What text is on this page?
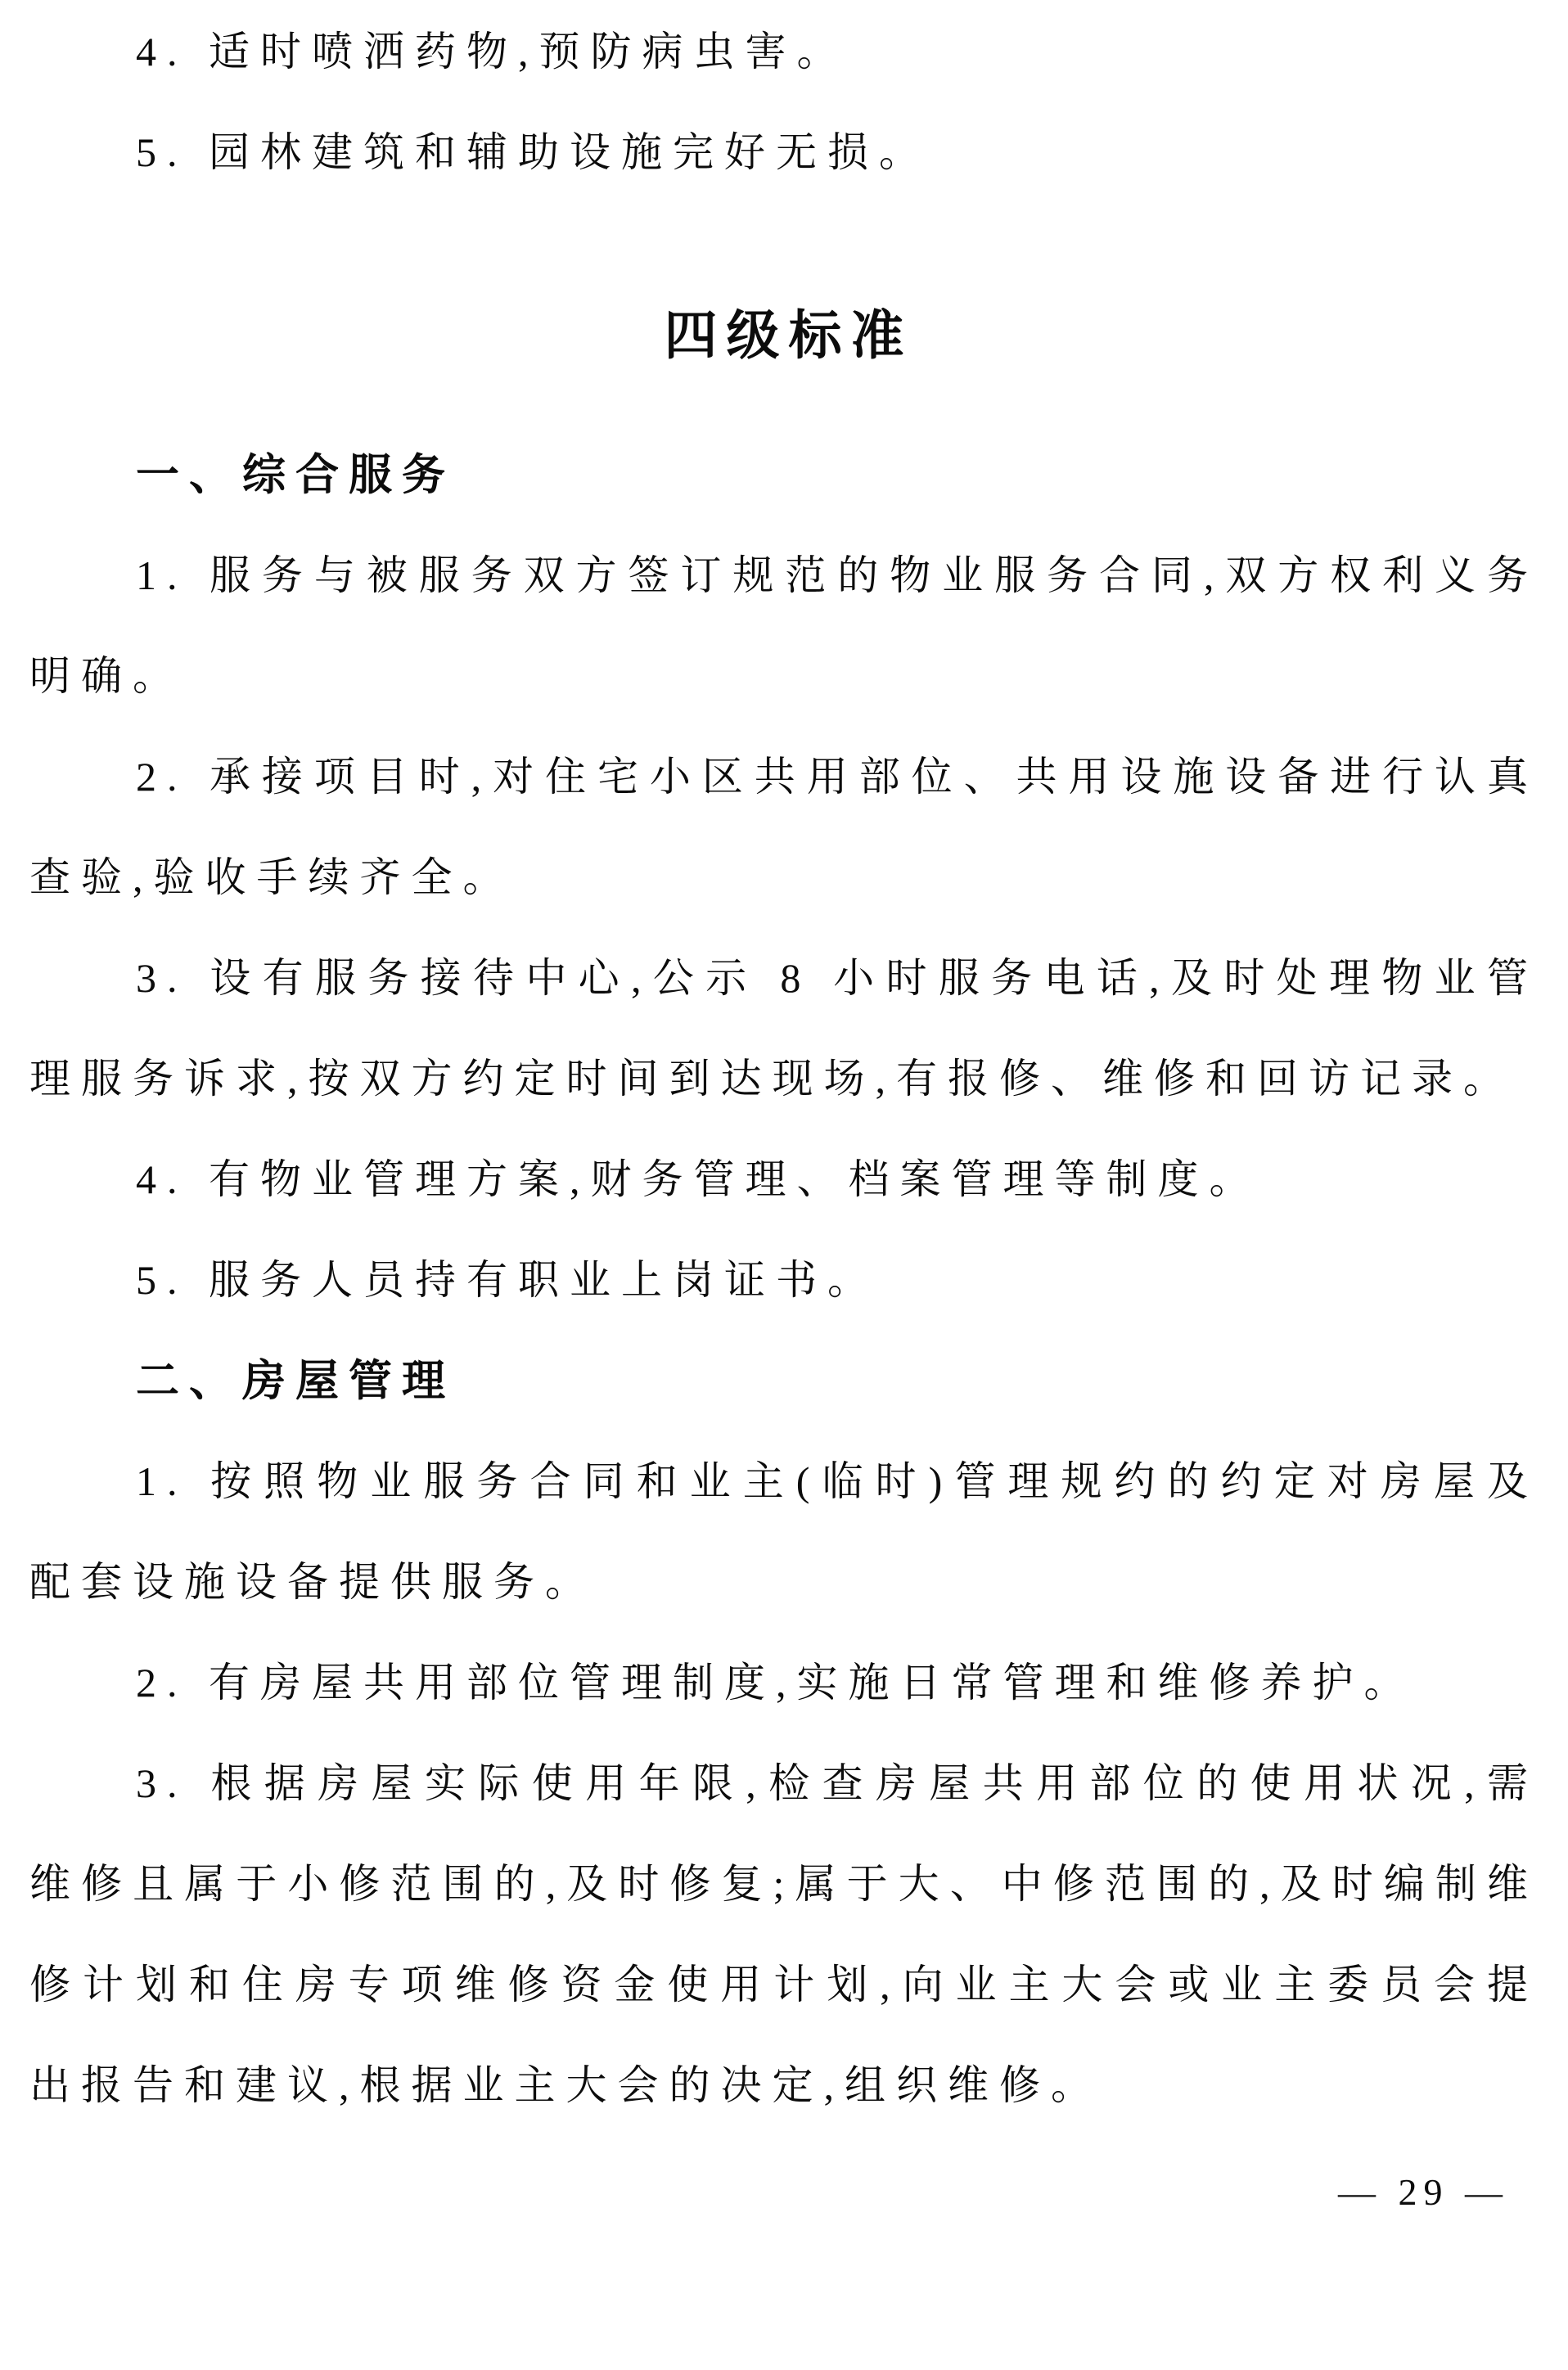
4. 适时喷洒药物,预防病虫害。

5. 园林建筑和辅助设施完好无损。

四级标准
一、综合服务

1. 服务与被服务双方签订规范的物业服务合同,双方权利义务明确。

2. 承接项目时,对住宅小区共用部位、共用设施设备进行认真查验,验收手续齐全。

3. 设有服务接待中心,公示 8 小时服务电话,及时处理物业管理服务诉求,按双方约定时间到达现场,有报修、维修和回访记录。

4. 有物业管理方案,财务管理、档案管理等制度。

5. 服务人员持有职业上岗证书。

二、房屋管理

1. 按照物业服务合同和业主(临时)管理规约的约定对房屋及配套设施设备提供服务。

2. 有房屋共用部位管理制度,实施日常管理和维修养护。

3. 根据房屋实际使用年限,检查房屋共用部位的使用状况,需维修且属于小修范围的,及时修复;属于大、中修范围的,及时编制维修计划和住房专项维修资金使用计划,向业主大会或业主委员会提出报告和建议,根据业主大会的决定,组织维修。

— 29 —
